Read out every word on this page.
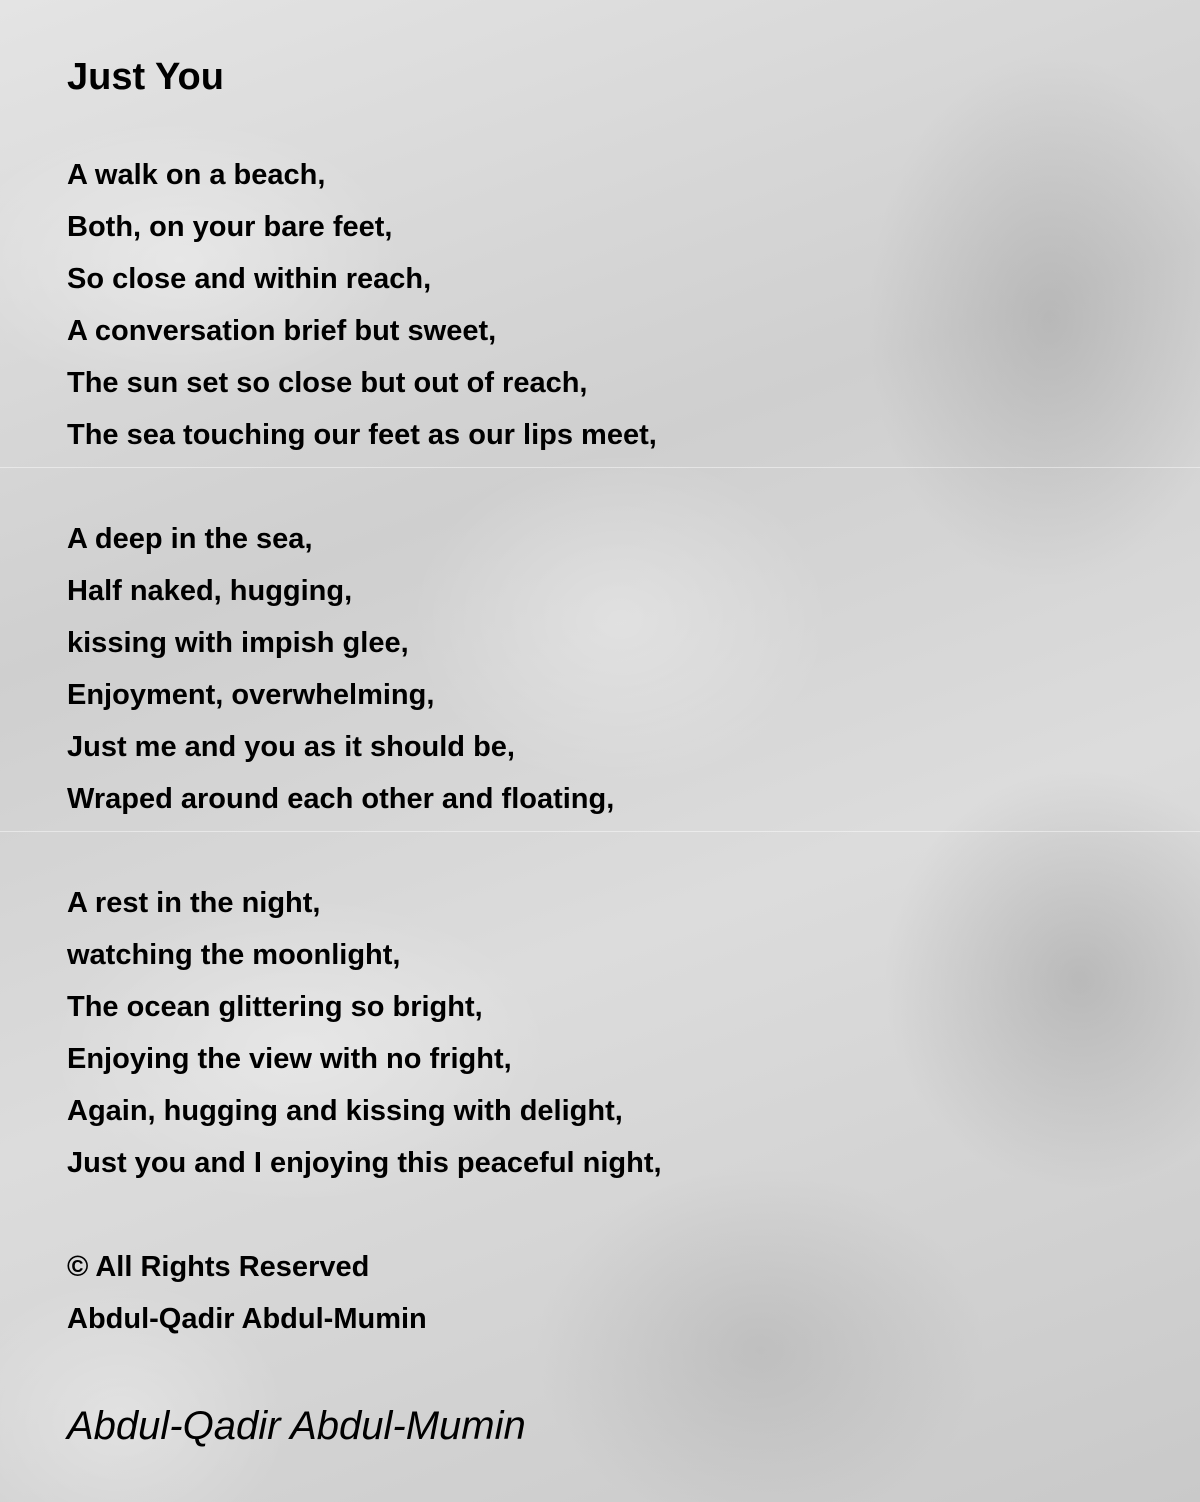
Just You
A walk on a beach,
Both, on your bare feet,
So close and within reach,
A conversation brief but sweet,
The sun set so close but out of reach,
The sea touching our feet as our lips meet,
A deep in the sea,
Half naked, hugging,
kissing with impish glee,
Enjoyment, overwhelming,
Just me and you as it should be,
Wraped around each other and floating,
A rest in the night,
watching the moonlight,
The ocean glittering so bright,
Enjoying the view with no fright,
Again, hugging and kissing with delight,
Just you and I enjoying this peaceful night,
© All Rights Reserved
Abdul-Qadir Abdul-Mumin
Abdul-Qadir Abdul-Mumin
